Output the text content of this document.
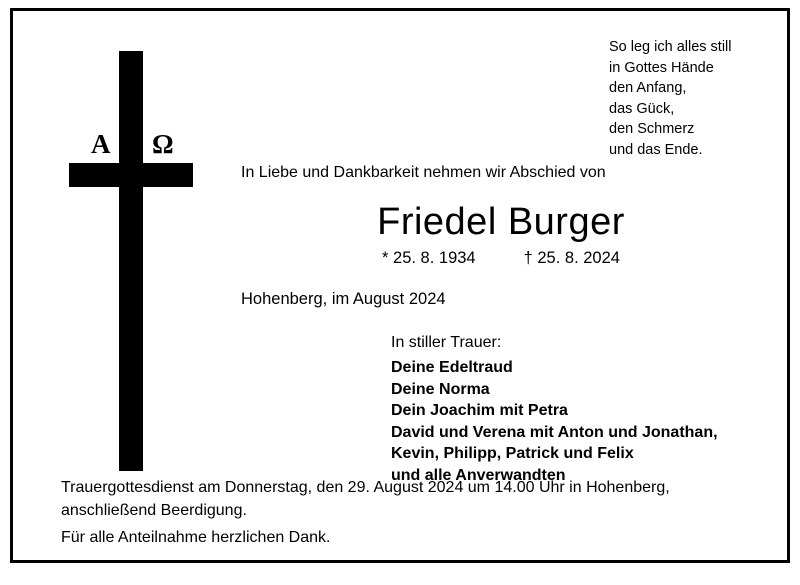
A Ω
So leg ich alles still
in Gottes Hände
den Anfang,
das Gück,
den Schmerz
und das Ende.
In Liebe und Dankbarkeit nehmen wir Abschied von
Friedel Burger
* 25. 8. 1934	† 25. 8. 2024
Hohenberg, im August 2024
In stiller Trauer:
Deine Edeltraud
Deine Norma
Dein Joachim mit Petra
David und Verena mit Anton und Jonathan,
Kevin, Philipp, Patrick und Felix
und alle Anverwandten
Trauergottesdienst am Donnerstag, den 29. August 2024 um 14.00 Uhr in Hohenberg,
anschließend Beerdigung.
Für alle Anteilnahme herzlichen Dank.
